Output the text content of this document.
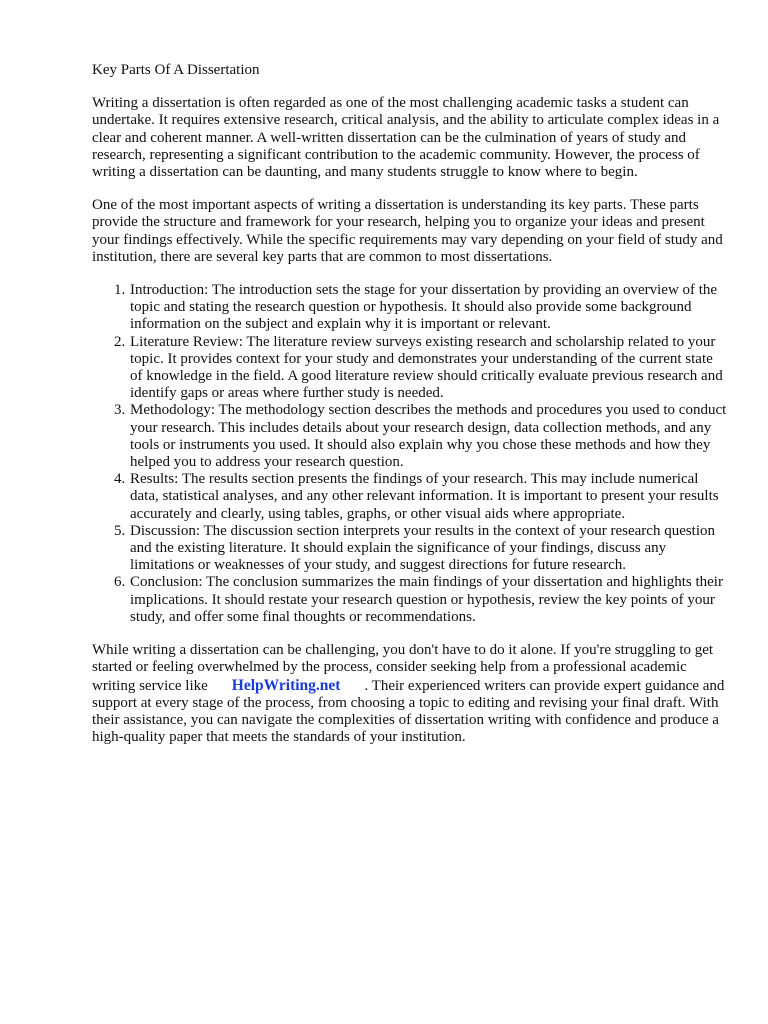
Key Parts Of A Dissertation

Writing a dissertation is often regarded as one of the most challenging academic tasks a student can undertake. It requires extensive research, critical analysis, and the ability to articulate complex ideas in a clear and coherent manner. A well-written dissertation can be the culmination of years of study and research, representing a significant contribution to the academic community. However, the process of writing a dissertation can be daunting, and many students struggle to know where to begin.

One of the most important aspects of writing a dissertation is understanding its key parts. These parts provide the structure and framework for your research, helping you to organize your ideas and present your findings effectively. While the specific requirements may vary depending on your field of study and institution, there are several key parts that are common to most dissertations.

1. Introduction: The introduction sets the stage for your dissertation by providing an overview of the topic and stating the research question or hypothesis. It should also provide some background information on the subject and explain why it is important or relevant.
2. Literature Review: The literature review surveys existing research and scholarship related to your topic. It provides context for your study and demonstrates your understanding of the current state of knowledge in the field. A good literature review should critically evaluate previous research and identify gaps or areas where further study is needed.
3. Methodology: The methodology section describes the methods and procedures you used to conduct your research. This includes details about your research design, data collection methods, and any tools or instruments you used. It should also explain why you chose these methods and how they helped you to address your research question.
4. Results: The results section presents the findings of your research. This may include numerical data, statistical analyses, and any other relevant information. It is important to present your results accurately and clearly, using tables, graphs, or other visual aids where appropriate.
5. Discussion: The discussion section interprets your results in the context of your research question and the existing literature. It should explain the significance of your findings, discuss any limitations or weaknesses of your study, and suggest directions for future research.
6. Conclusion: The conclusion summarizes the main findings of your dissertation and highlights their implications. It should restate your research question or hypothesis, review the key points of your study, and offer some final thoughts or recommendations.

While writing a dissertation can be challenging, you don't have to do it alone. If you're struggling to get started or feeling overwhelmed by the process, consider seeking help from a professional academic writing service like HelpWriting.net . Their experienced writers can provide expert guidance and support at every stage of the process, from choosing a topic to editing and revising your final draft. With their assistance, you can navigate the complexities of dissertation writing with confidence and produce a high-quality paper that meets the standards of your institution.
